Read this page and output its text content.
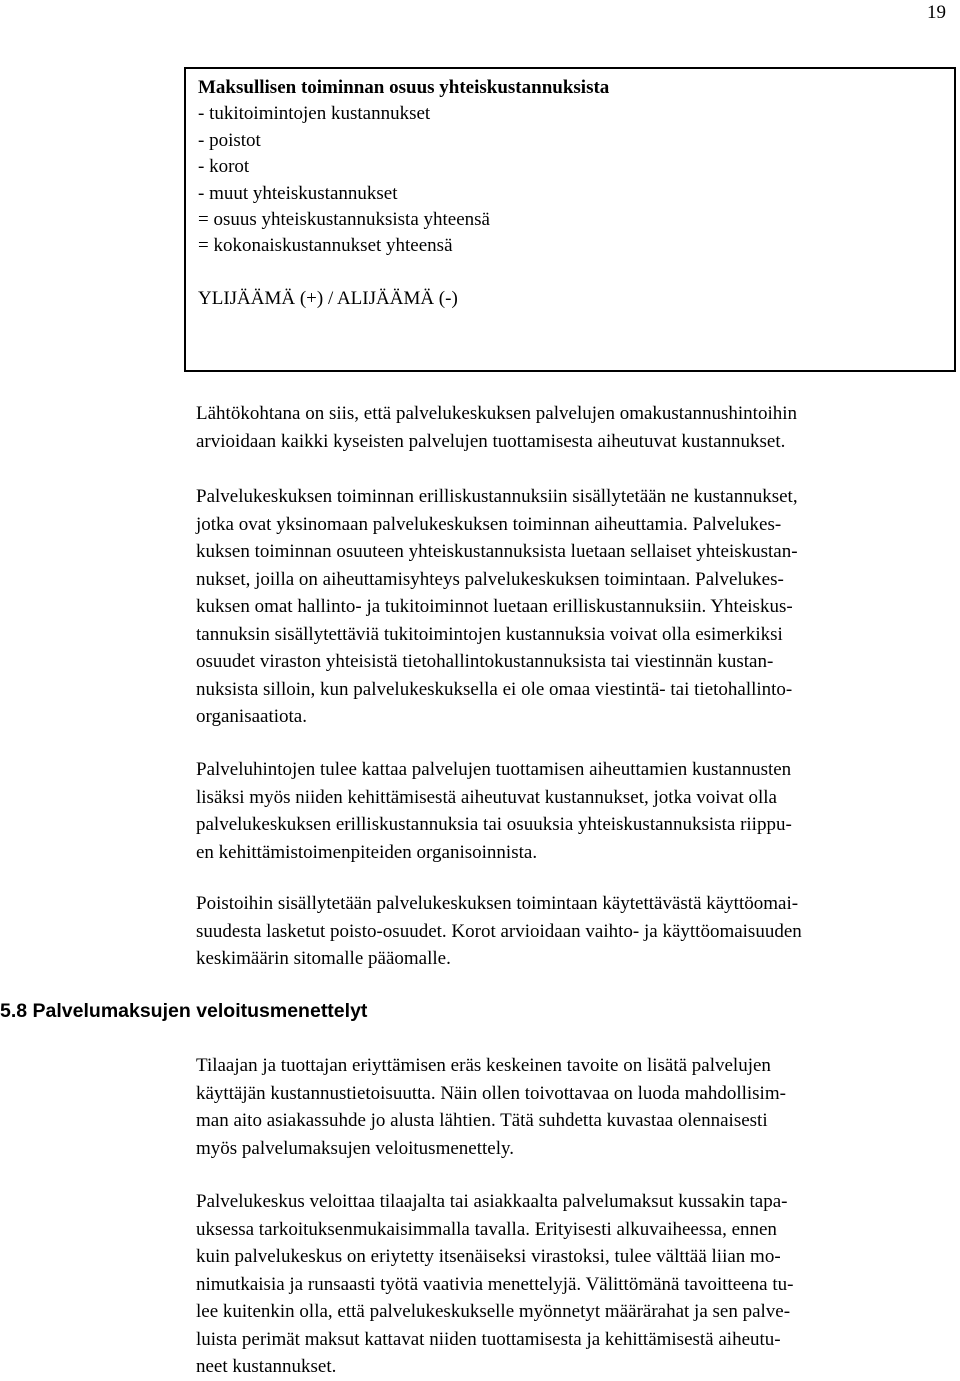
19
Maksullisen toiminnan osuus yhteiskustannuksista
- tukitoimintojen kustannukset
- poistot
- korot
- muut yhteiskustannukset
= osuus yhteiskustannuksista yhteensä
= kokonaiskustannukset yhteensä
YLIJÄÄMÄ (+) / ALIJÄÄMÄ (-)

Lähtökohtana on siis, että palvelukeskuksen palvelujen omakustannushintoihin
arvioidaan kaikki kyseisten palvelujen tuottamisesta aiheutuvat kustannukset.

Palvelukeskuksen toiminnan erilliskustannuksiin sisällytetään ne kustannukset,
jotka ovat yksinomaan palvelukeskuksen toiminnan aiheuttamia. Palvelukes-
kuksen toiminnan osuuteen yhteiskustannuksista luetaan sellaiset yhteiskustan-
nukset, joilla on aiheuttamisyhteys palvelukeskuksen toimintaan. Palvelukes-
kuksen omat hallinto- ja tukitoiminnot luetaan erilliskustannuksiin. Yhteiskus-
tannuksin sisällytettäviä tukitoimintojen kustannuksia voivat olla esimerkiksi
osuudet viraston yhteisistä tietohallintokustannuksista tai viestinnän kustan-
nuksista silloin, kun palvelukeskuksella ei ole omaa viestintä- tai tietohallinto-
organisaatiota.

Palveluhintojen tulee kattaa palvelujen tuottamisen aiheuttamien kustannusten
lisäksi myös niiden kehittämisestä aiheutuvat kustannukset, jotka voivat olla
palvelukeskuksen erilliskustannuksia tai osuuksia yhteiskustannuksista riippu-
en kehittämistoimenpiteiden organisoinnista.

Poistoihin sisällytetään palvelukeskuksen toimintaan käytettävästä käyttöomai-
suudesta lasketut poisto-osuudet. Korot arvioidaan vaihto- ja käyttöomaisuuden
keskimäärin sitomalle pääomalle.

5.8 Palvelumaksujen veloitusmenettelyt

Tilaajan ja tuottajan eriyttämisen eräs keskeinen tavoite on lisätä palvelujen
käyttäjän kustannustietoisuutta. Näin ollen toivottavaa on luoda mahdollisim-
man aito asiakassuhde jo alusta lähtien. Tätä suhdetta kuvastaa olennaisesti
myös palvelumaksujen veloitusmenettely.

Palvelukeskus veloittaa tilaajalta tai asiakkaalta palvelumaksut kussakin tapa-
uksessa tarkoituksenmukaisimmalla tavalla. Erityisesti alkuvaiheessa, ennen
kuin palvelukeskus on eriytetty itsenäiseksi virastoksi, tulee välttää liian mo-
nimutkaisia ja runsaasti työtä vaativia menettelyjä. Välittömänä tavoitteena tu-
lee kuitenkin olla, että palvelukeskukselle myönnetyt määrärahat ja sen palve-
luista perimät maksut kattavat niiden tuottamisesta ja kehittämisestä aiheutu-
neet kustannukset.
